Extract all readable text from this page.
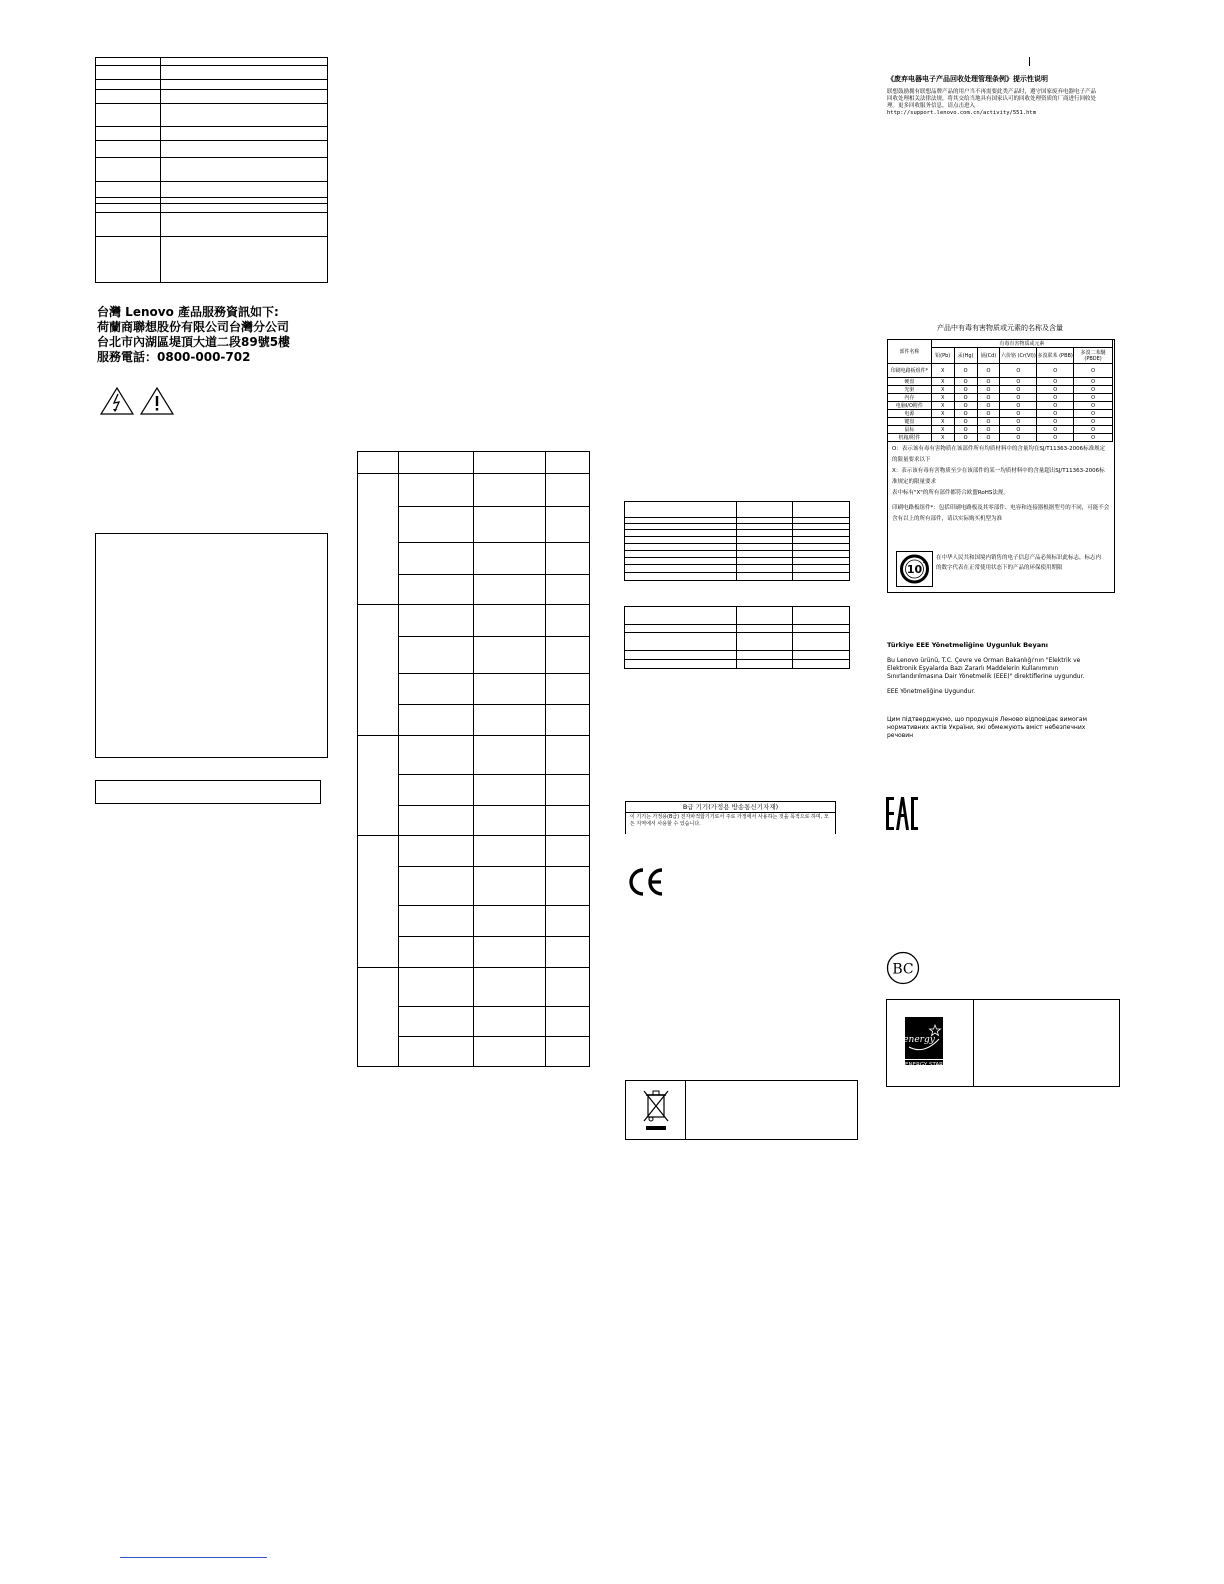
台灣 Lenovo 產品服務資訊如下:
荷蘭商聯想股份有限公司台灣分公司
台北市內湖區堤頂大道二段89號5樓
服務電話：0800-000-702

B급 기기(가정용 방송통신기자재)
이 기기는 가정용(B급) 전자파적합기기로서 주로 가정에서 사용하는 것을 목적으로 하며, 모든 지역에서 사용할 수 있습니다.
《废弃电器电子产品回收处理管理条例》提示性说明
联想鼓励拥有联想品牌产品的用户当不再需要此类产品时，遵守国家废弃电器电子产品回收处理相关法律法规，将其交给当地具有国家认可的回收处理资质的厂商进行回收处理。更多回收服务信息，请点击进入
http://support.lenovo.com.cn/activity/551.htm
产品中有毒有害物质或元素的名称及含量
部件名称	有毒有害物质或元素					
	铅(Pb)	汞(Hg)	镉(Cd)	六价铬 (Cr(VI))	多溴联苯 (PBB)	多溴二苯醚 (PBDE)
印刷电路板组件*	X	O	O	O	O	O
硬盘	X	O	O	O	O	O
光驱	X	O	O	O	O	O
内存	X	O	O	O	O	O
电脑I/O附件	X	O	O	O	O	O
电源	X	O	O	O	O	O
键盘	X	O	O	O	O	O
鼠标	X	O	O	O	O	O
机箱/附件	X	O	O	O	O	O
O：表示该有毒有害物质在该部件所有均质材料中的含量均在SJ/T11363-2006标准规定的限量要求以下
X：表示该有毒有害物质至少在该部件的某一均质材料中的含量超出SJ/T11363-2006标准规定的限量要求
表中标有"X"的所有部件都符合欧盟RoHS法规。
印刷电路板组件*：包括印刷电路板及其零部件、电容和连接器根据型号的不同，可能不会含有以上的所有部件，请以实际购买机型为准
10
在中华人民共和国境内销售的电子信息产品必须标识此标志，标志内的数字代表在正常使用状态下的产品的环保使用期限
Türkiye EEE Yönetmeliğine Uygunluk Beyanı
Bu Lenovo ürünü, T.C. Çevre ve Orman Bakanlığı'nın "Elektrik ve Elektronik Eşyalarda Bazı Zararlı Maddelerin Kullanımının Sınırlandırılmasına Dair Yönetmelik (EEE)" direktiflerine uygundur.
EEE Yönetmeliğine Uygundur.
Цим підтверджуємо, що продукція Леново відповідає вимогам нормативних актів України, які обмежують вміст небезпечних речовин
BC
energy
ENERGY STAR
